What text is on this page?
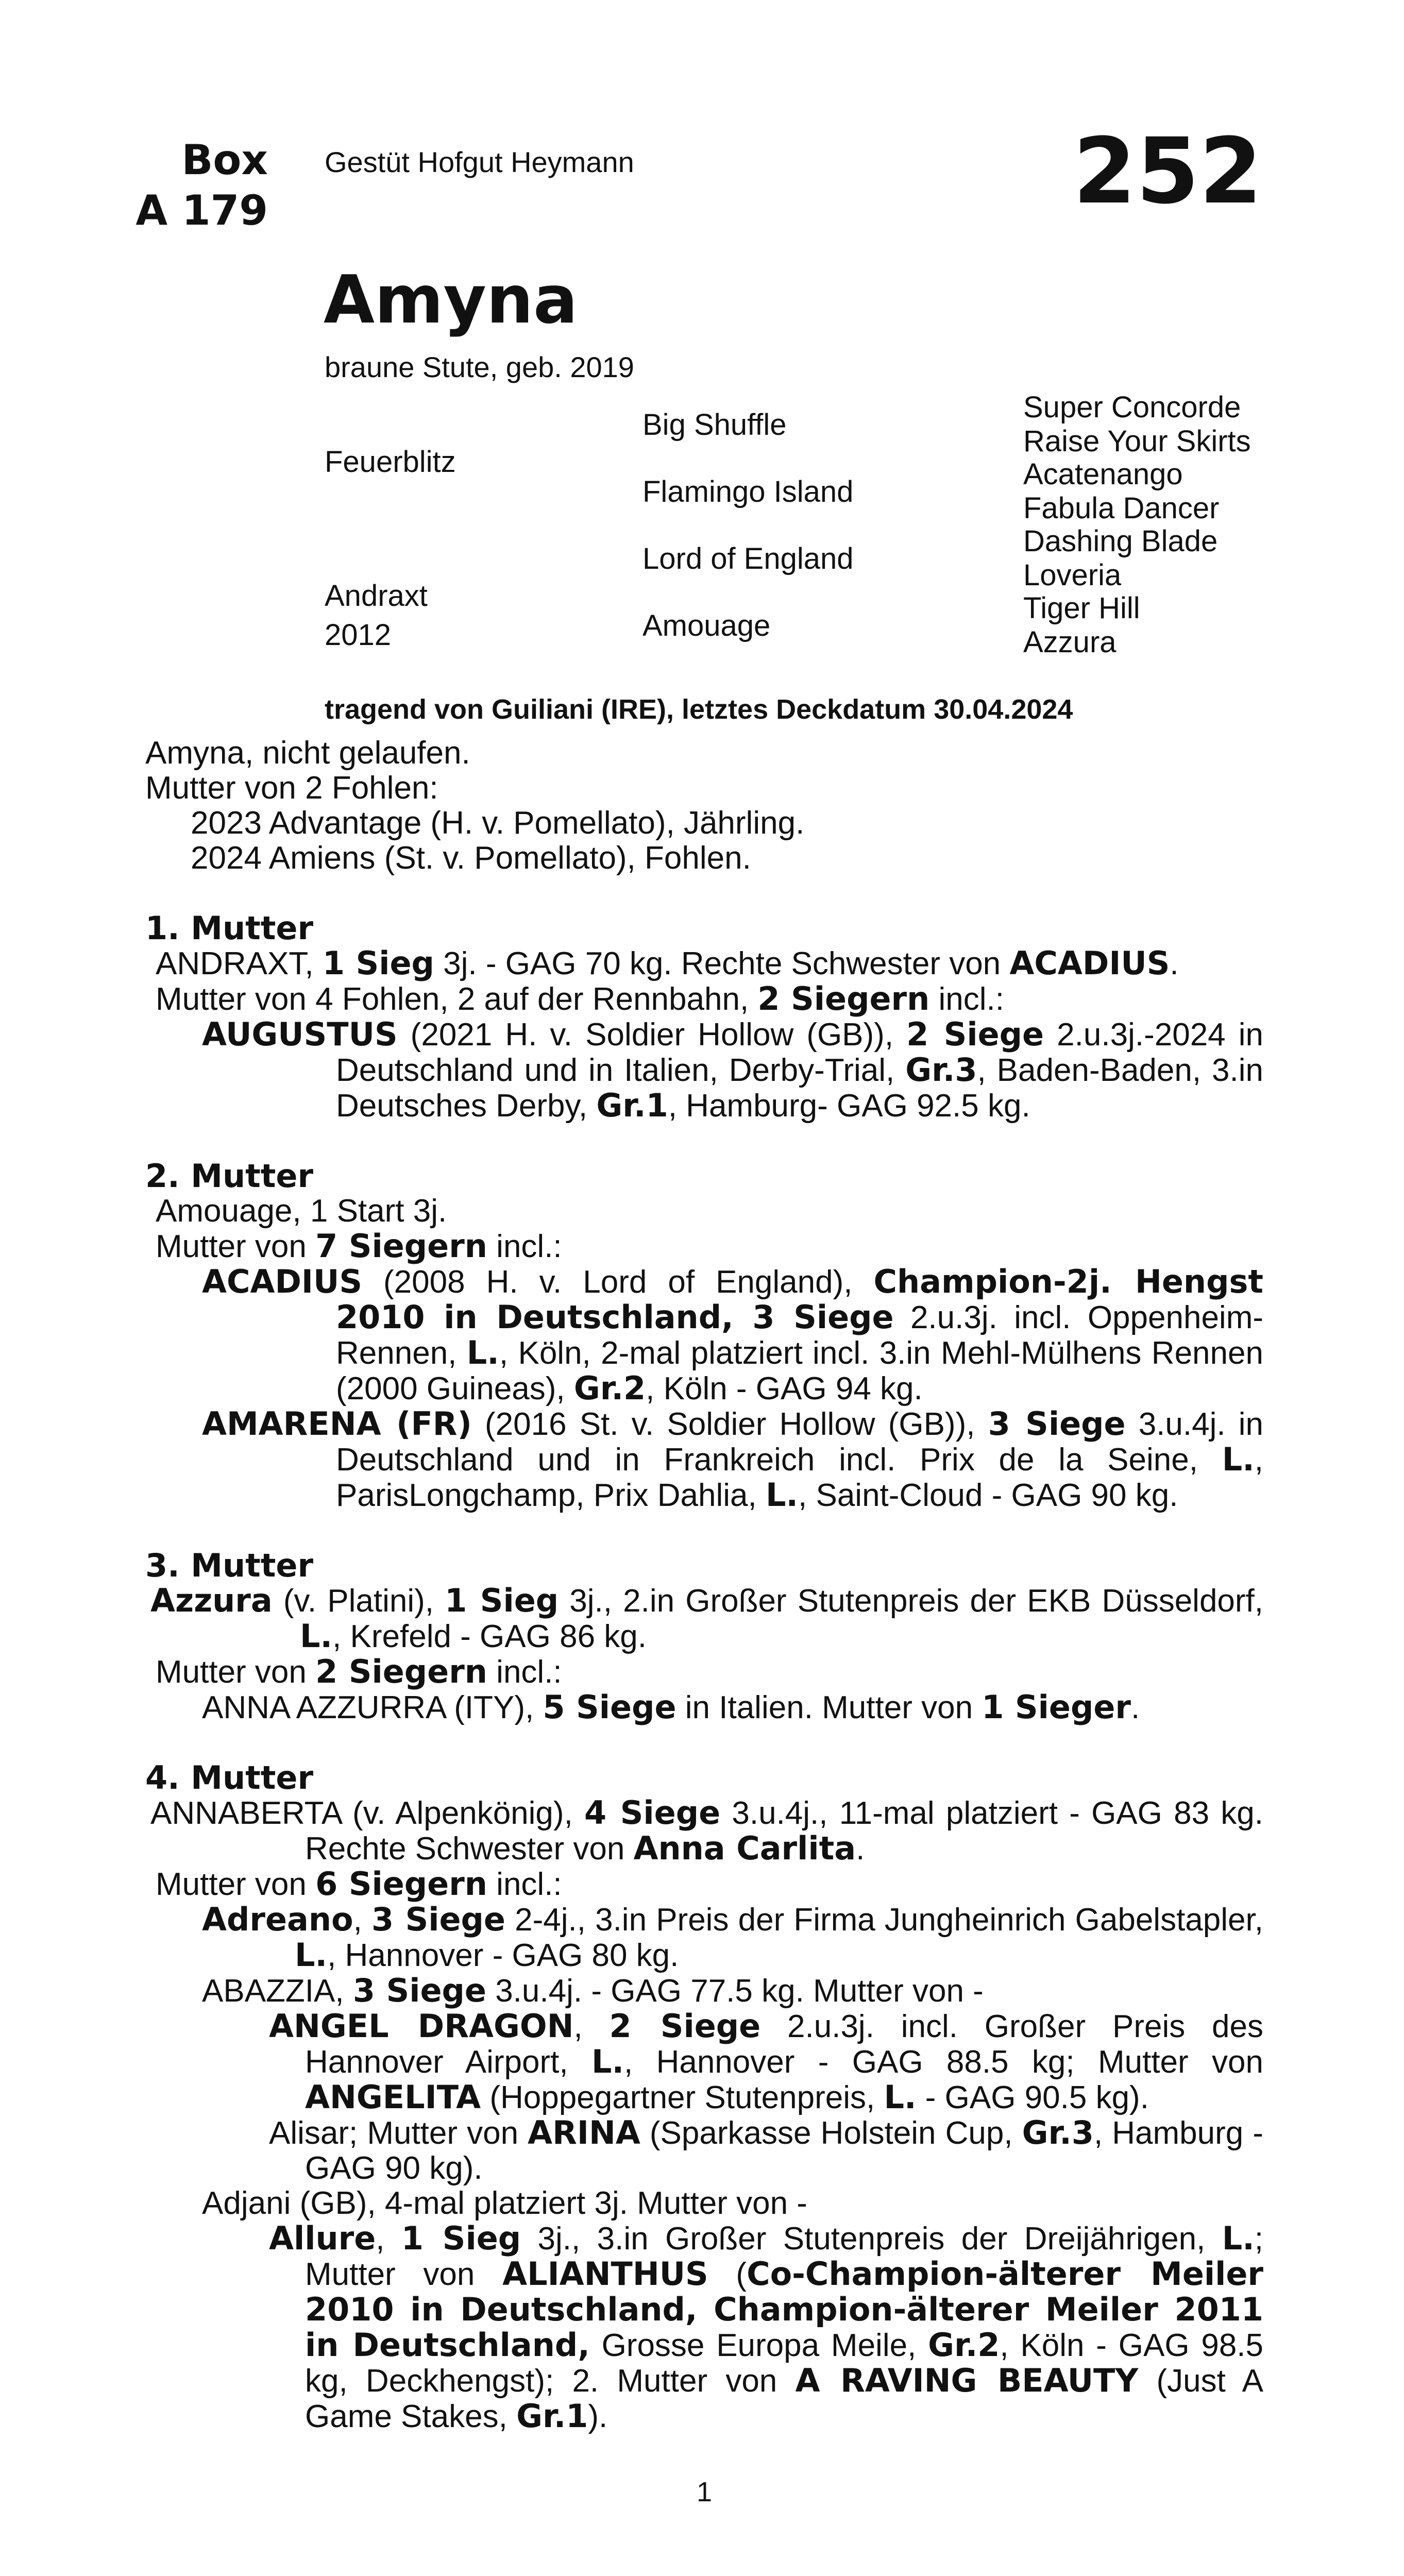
Box
A 179
Gestüt Hofgut Heymann	252
Amyna
braune Stute, geb. 2019
Feuerblitz
Andraxt
2012
Big Shuffle
Flamingo Island
Lord of England
Amouage
Super Concorde
Raise Your Skirts
Acatenango
Fabula Dancer
Dashing Blade
Loveria
Tiger Hill
Azzura
tragend von Guiliani (IRE), letztes Deckdatum 30.04.2024
Amyna, nicht gelaufen.
Mutter von 2 Fohlen:
2023 Advantage (H. v. Pomellato), Jährling.
2024 Amiens (St. v. Pomellato), Fohlen.
1. Mutter
ANDRAXT, 1 Sieg 3j. - GAG 70 kg. Rechte Schwester von ACADIUS.
Mutter von 4 Fohlen, 2 auf der Rennbahn, 2 Siegern incl.:
AUGUSTUS (2021 H. v. Soldier Hollow (GB)), 2 Siege 2.u.3j.-2024 in Deutschland und in Italien, Derby-Trial, Gr.3, Baden-Baden, 3.in Deutsches Derby, Gr.1, Hamburg- GAG 92.5 kg.
2. Mutter
Amouage, 1 Start 3j.
Mutter von 7 Siegern incl.:
ACADIUS (2008 H. v. Lord of England), Champion-2j. Hengst 2010 in Deutschland, 3 Siege 2.u.3j. incl. Oppenheim-Rennen, L., Köln, 2-mal platziert incl. 3.in Mehl-Mülhens Rennen (2000 Guineas), Gr.2, Köln - GAG 94 kg.
AMARENA (FR) (2016 St. v. Soldier Hollow (GB)), 3 Siege 3.u.4j. in Deutschland und in Frankreich incl. Prix de la Seine, L., ParisLongchamp, Prix Dahlia, L., Saint-Cloud - GAG 90 kg.
3. Mutter
Azzura (v. Platini), 1 Sieg 3j., 2.in Großer Stutenpreis der EKB Düsseldorf, L., Krefeld - GAG 86 kg.
Mutter von 2 Siegern incl.:
ANNA AZZURRA (ITY), 5 Siege in Italien. Mutter von 1 Sieger.
4. Mutter
ANNABERTA (v. Alpenkönig), 4 Siege 3.u.4j., 11-mal platziert - GAG 83 kg. Rechte Schwester von Anna Carlita.
Mutter von 6 Siegern incl.:
Adreano, 3 Siege 2-4j., 3.in Preis der Firma Jungheinrich Gabelstapler, L., Hannover - GAG 80 kg.
ABAZZIA, 3 Siege 3.u.4j. - GAG 77.5 kg. Mutter von -
ANGEL DRAGON, 2 Siege 2.u.3j. incl. Großer Preis des Hannover Airport, L., Hannover - GAG 88.5 kg; Mutter von ANGELITA (Hoppegartner Stutenpreis, L. - GAG 90.5 kg).
Alisar; Mutter von ARINA (Sparkasse Holstein Cup, Gr.3, Hamburg - GAG 90 kg).
Adjani (GB), 4-mal platziert 3j. Mutter von -
Allure, 1 Sieg 3j., 3.in Großer Stutenpreis der Dreijährigen, L.; Mutter von ALIANTHUS (Co-Champion-älterer Meiler 2010 in Deutschland, Champion-älterer Meiler 2011 in Deutschland, Grosse Europa Meile, Gr.2, Köln - GAG 98.5 kg, Deckhengst); 2. Mutter von A RAVING BEAUTY (Just A Game Stakes, Gr.1).
1
